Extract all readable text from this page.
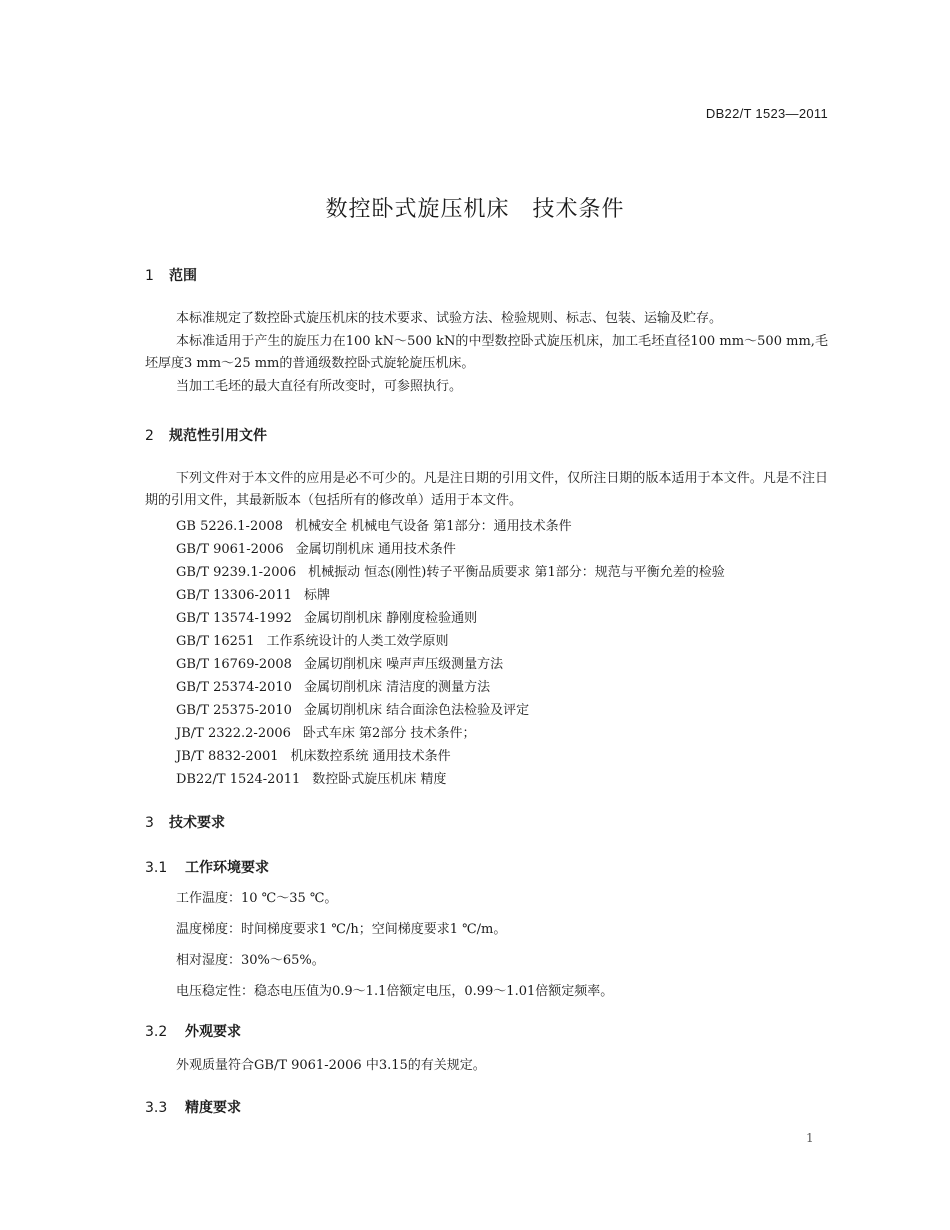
DB22/T 1523—2011
数控卧式旋压机床　技术条件
1 范围
本标准规定了数控卧式旋压机床的技术要求、试验方法、检验规则、标志、包装、运输及贮存。
本标准适用于产生的旋压力在100 kN～500 kN的中型数控卧式旋压机床，加工毛坯直径100 mm～500 mm,毛坯厚度3 mm～25 mm的普通级数控卧式旋轮旋压机床。
当加工毛坯的最大直径有所改变时，可参照执行。
2 规范性引用文件
下列文件对于本文件的应用是必不可少的。凡是注日期的引用文件，仅所注日期的版本适用于本文件。凡是不注日期的引用文件，其最新版本（包括所有的修改单）适用于本文件。
GB 5226.1-2008 机械安全 机械电气设备 第1部分：通用技术条件
GB/T 9061-2006 金属切削机床 通用技术条件
GB/T 9239.1-2006 机械振动 恒态(刚性)转子平衡品质要求 第1部分：规范与平衡允差的检验
GB/T 13306-2011 标牌
GB/T 13574-1992 金属切削机床 静刚度检验通则
GB/T 16251 工作系统设计的人类工效学原则
GB/T 16769-2008 金属切削机床 噪声声压级测量方法
GB/T 25374-2010 金属切削机床 清洁度的测量方法
GB/T 25375-2010 金属切削机床 结合面涂色法检验及评定
JB/T 2322.2-2006 卧式车床 第2部分 技术条件；
JB/T 8832-2001 机床数控系统 通用技术条件
DB22/T 1524-2011 数控卧式旋压机床 精度
3 技术要求
3.1 工作环境要求
工作温度：10 ℃～35 ℃。
温度梯度：时间梯度要求1 ℃/h；空间梯度要求1 ℃/m。
相对湿度：30%～65%。
电压稳定性：稳态电压值为0.9～1.1倍额定电压，0.99～1.01倍额定频率。
3.2 外观要求
外观质量符合GB/T 9061-2006 中3.15的有关规定。
3.3 精度要求
1
